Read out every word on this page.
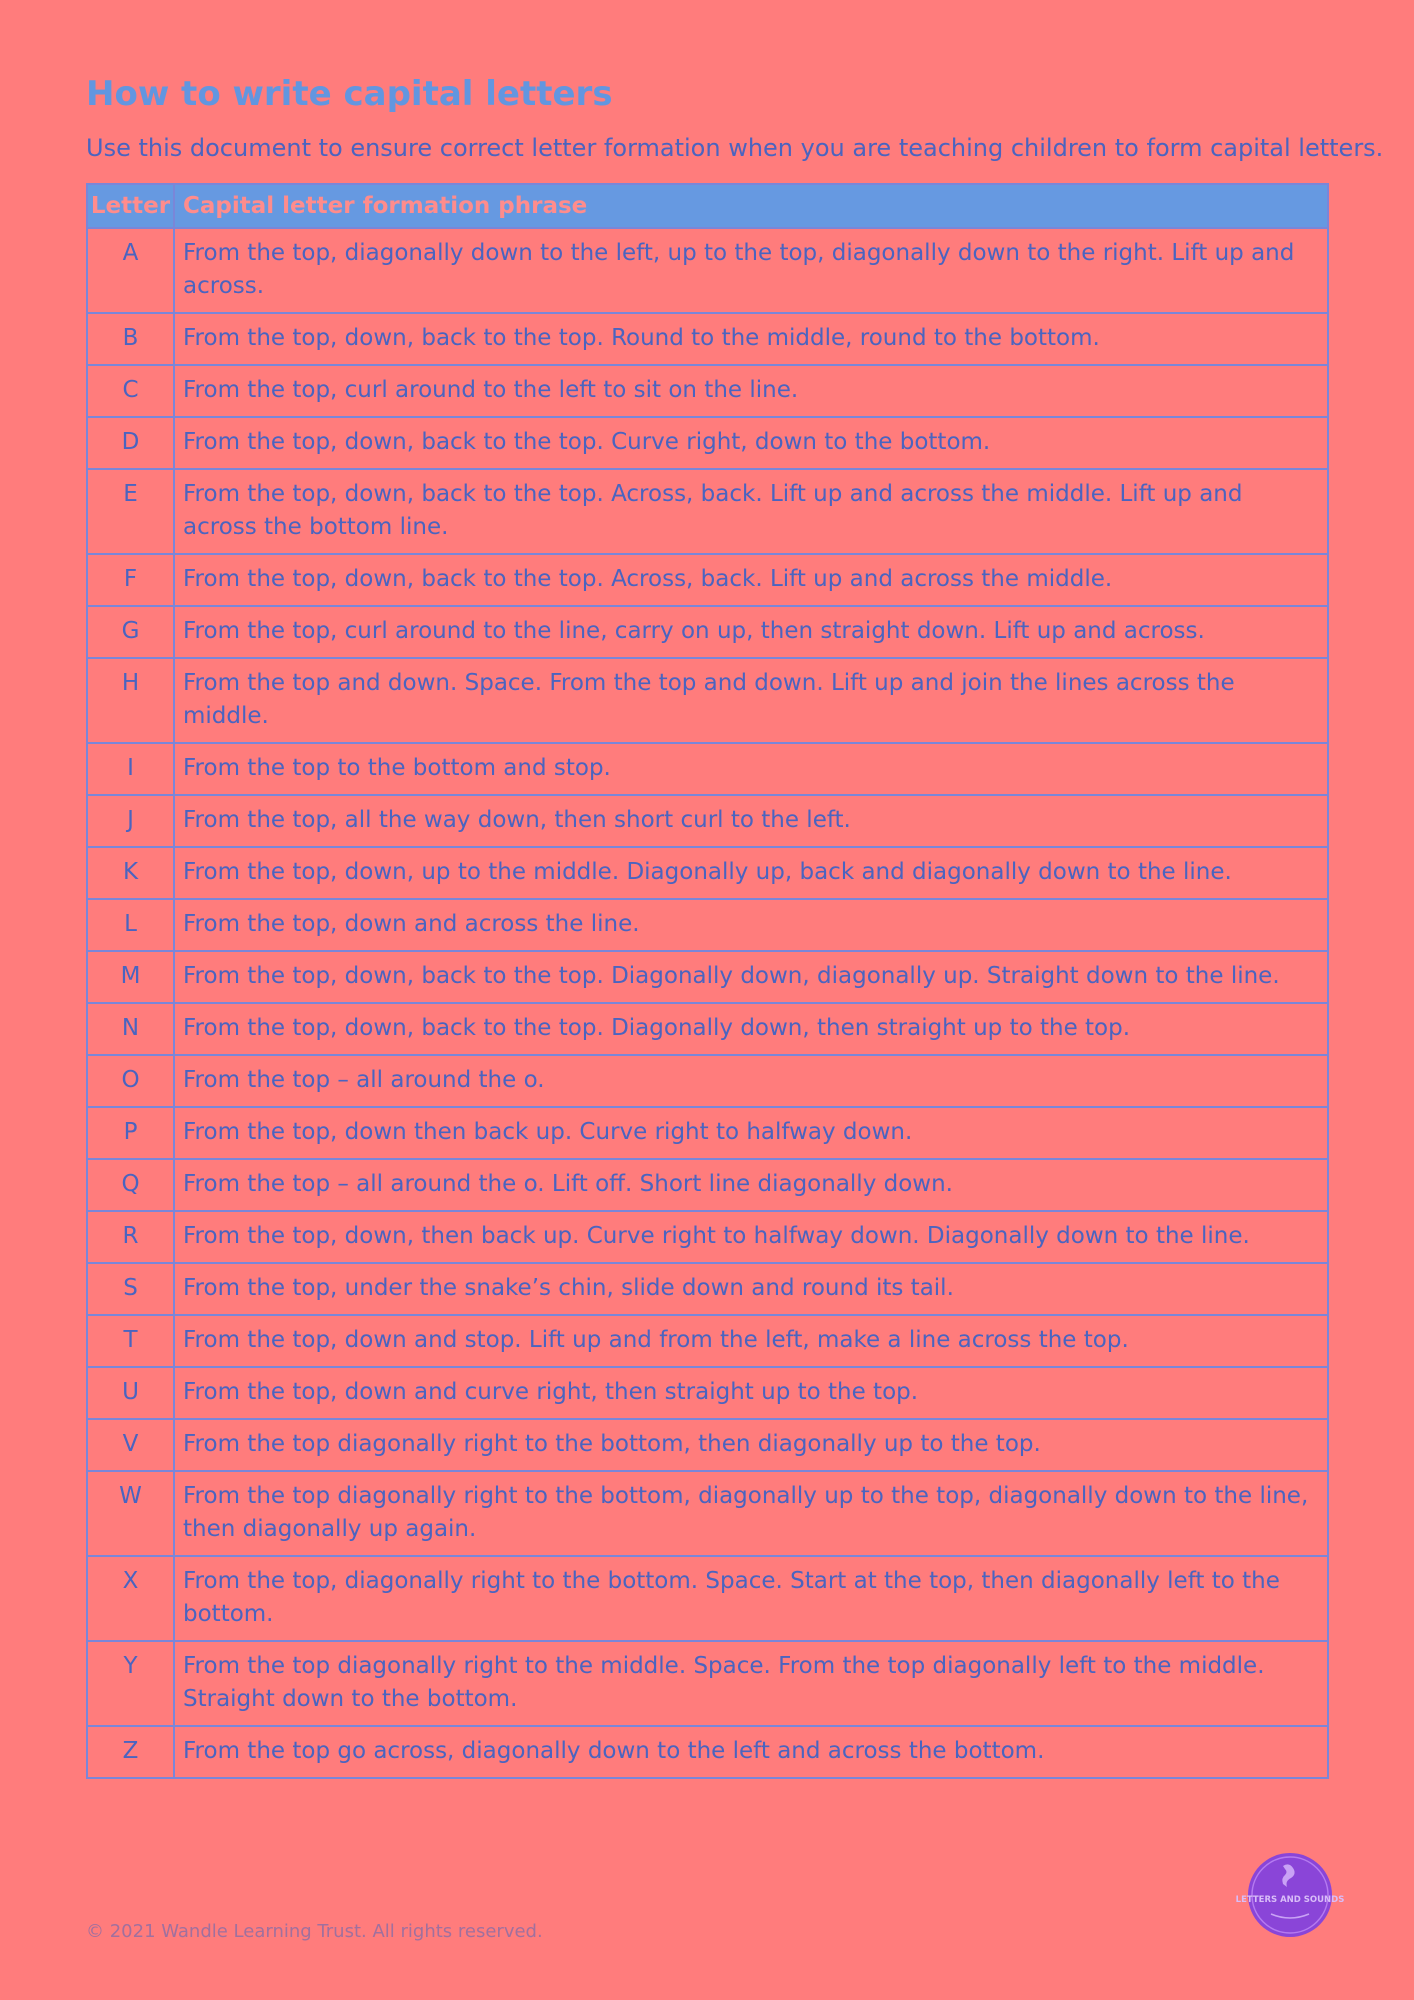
How to write capital letters

Use this document to ensure correct letter formation when you are teaching children to form capital letters.

Letter	Capital letter formation phrase
A	From the top, diagonally down to the left, up to the top, diagonally down to the right. Lift up and across.
B	From the top, down, back to the top. Round to the middle, round to the bottom.
C	From the top, curl around to the left to sit on the line.
D	From the top, down, back to the top. Curve right, down to the bottom.
E	From the top, down, back to the top. Across, back. Lift up and across the middle. Lift up and across the bottom line.
F	From the top, down, back to the top. Across, back. Lift up and across the middle.
G	From the top, curl around to the line, carry on up, then straight down. Lift up and across.
H	From the top and down. Space. From the top and down. Lift up and join the lines across the middle.
I	From the top to the bottom and stop.
J	From the top, all the way down, then short curl to the left.
K	From the top, down, up to the middle. Diagonally up, back and diagonally down to the line.
L	From the top, down and across the line.
M	From the top, down, back to the top. Diagonally down, diagonally up. Straight down to the line.
N	From the top, down, back to the top. Diagonally down, then straight up to the top.
O	From the top – all around the o.
P	From the top, down then back up. Curve right to halfway down.
Q	From the top – all around the o. Lift off. Short line diagonally down.
R	From the top, down, then back up. Curve right to halfway down. Diagonally down to the line.
S	From the top, under the snake’s chin, slide down and round its tail.
T	From the top, down and stop. Lift up and from the left, make a line across the top.
U	From the top, down and curve right, then straight up to the top.
V	From the top diagonally right to the bottom, then diagonally up to the top.
W	From the top diagonally right to the bottom, diagonally up to the top, diagonally down to the line, then diagonally up again.
X	From the top, diagonally right to the bottom. Space. Start at the top, then diagonally left to the bottom.
Y	From the top diagonally right to the middle. Space. From the top diagonally left to the middle. Straight down to the bottom.
Z	From the top go across, diagonally down to the left and across the bottom.
© 2021 Wandle Learning Trust. All rights reserved.
LETTERS AND SOUNDS
